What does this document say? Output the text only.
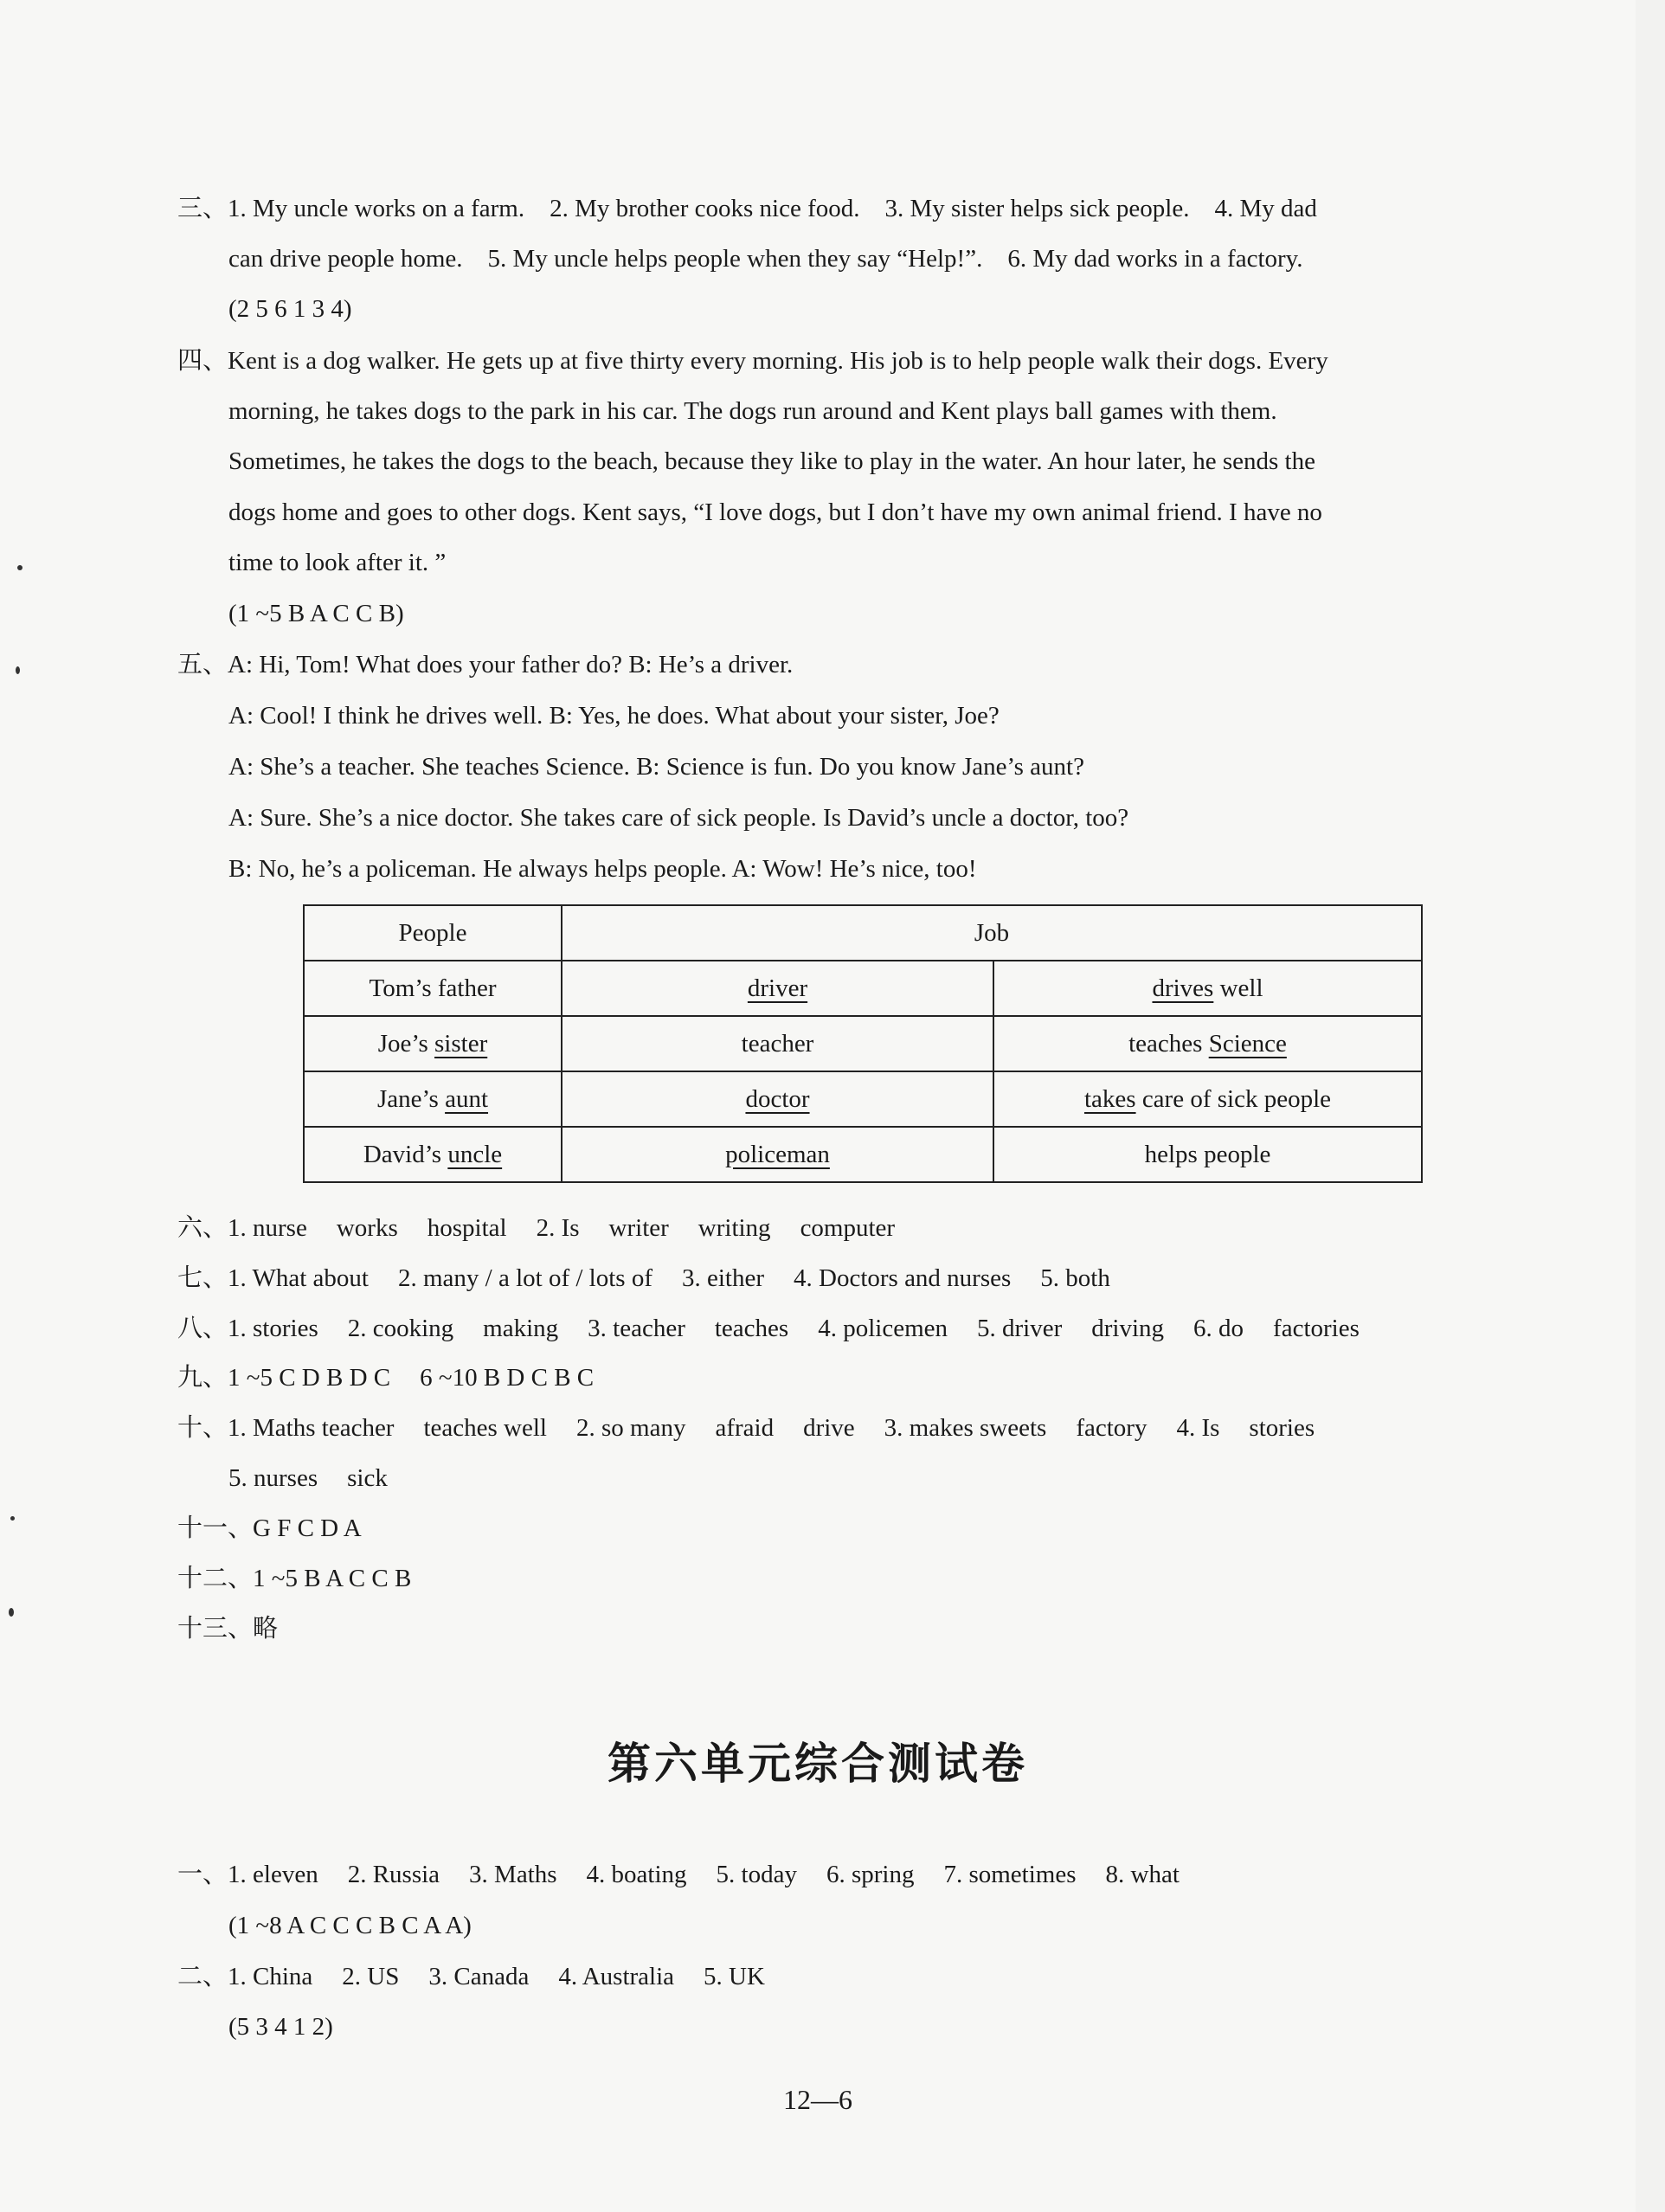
三、1. My uncle works on a farm.　2. My brother cooks nice food.　3. My sister helps sick people.　4. My dad
can drive people home.　5. My uncle helps people when they say “Help!”.　6. My dad works in a factory.
(2 5 6 1 3 4)
四、Kent is a dog walker. He gets up at five thirty every morning. His job is to help people walk their dogs. Every
morning, he takes dogs to the park in his car. The dogs run around and Kent plays ball games with them.
Sometimes, he takes the dogs to the beach, because they like to play in the water. An hour later, he sends the
dogs home and goes to other dogs. Kent says, “I love dogs, but I don’t have my own animal friend. I have no
time to look after it. ”
(1 ~5 B A C C B)
五、A: Hi, Tom! What does your father do? B: He’s a driver.
A: Cool! I think he drives well. B: Yes, he does. What about your sister, Joe?
A: She’s a teacher. She teaches Science. B: Science is fun. Do you know Jane’s aunt?
A: Sure. She’s a nice doctor. She takes care of sick people. Is David’s uncle a doctor, too?
B: No, he’s a policeman. He always helps people. A: Wow! He’s nice, too!
People	Job	
Tom’s father	driver	drives well
Joe’s sister	teacher	teaches Science
Jane’s aunt	doctor	takes care of sick people
David’s uncle	policeman	helps people
六、1. nurse works hospital 2. Is writer writing computer
七、1. What about 2. many / a lot of / lots of 3. either 4. Doctors and nurses 5. both
八、1. stories 2. cooking making 3. teacher teaches 4. policemen 5. driver driving 6. do factories
九、1 ~5 C D B D C 6 ~10 B D C B C
十、1. Maths teacher teaches well 2. so many afraid drive 3. makes sweets factory 4. Is stories
5. nurses sick
十一、G F C D A
十二、1 ~5 B A C C B
十三、略
第六单元综合测试卷
一、1. eleven 2. Russia 3. Maths 4. boating 5. today 6. spring 7. sometimes 8. what
(1 ~8 A C C C B C A A)
二、1. China 2. US 3. Canada 4. Australia 5. UK
(5 3 4 1 2)
12—6
